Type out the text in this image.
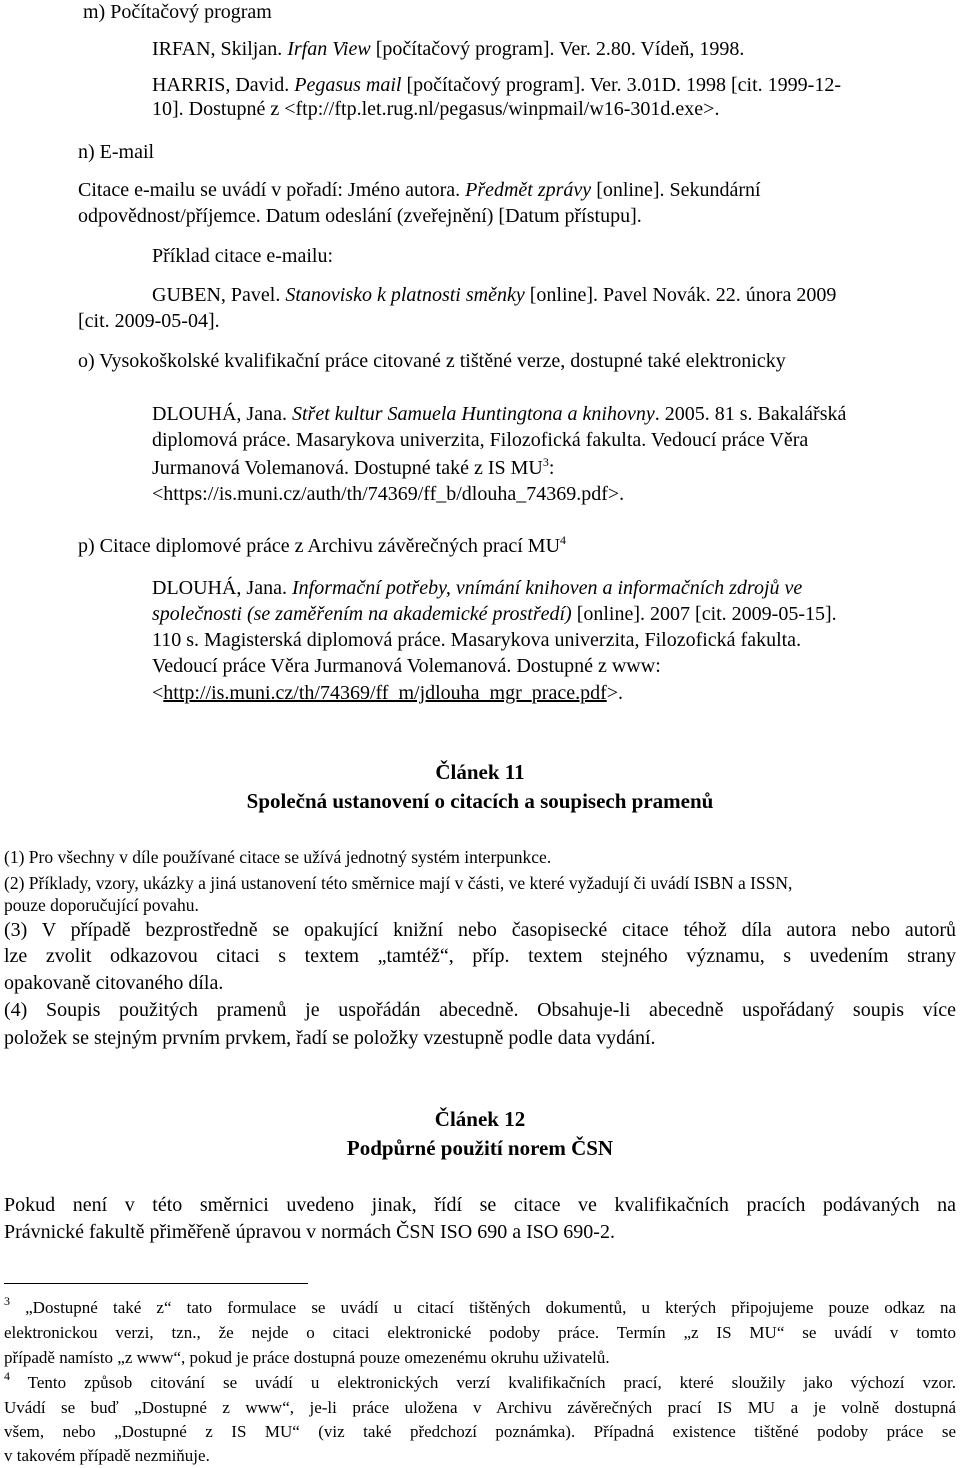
m) Počítačový program
IRFAN, Skiljan. Irfan View [počítačový program]. Ver. 2.80. Vídeň, 1998.
HARRIS, David. Pegasus mail [počítačový program]. Ver. 3.01D. 1998 [cit. 1999-12-
10]. Dostupné z <ftp://ftp.let.rug.nl/pegasus/winpmail/w16-301d.exe>.
n) E-mail
Citace e-mailu se uvádí v pořadí: Jméno autora. Předmět zprávy [online]. Sekundární
odpovědnost/příjemce. Datum odeslání (zveřejnění) [Datum přístupu].
Příklad citace e-mailu:
GUBEN, Pavel. Stanovisko k platnosti směnky [online]. Pavel Novák. 22. února 2009
[cit. 2009-05-04].
o) Vysokoškolské kvalifikační práce citované z tištěné verze, dostupné také elektronicky
DLOUHÁ, Jana. Střet kultur Samuela Huntingtona a knihovny. 2005. 81 s. Bakalářská
diplomová práce. Masarykova univerzita, Filozofická fakulta. Vedoucí práce Věra
Jurmanová Volemanová. Dostupné také z IS $MU^3$:
<https://is.muni.cz/auth/th/74369/ff_b/dlouha_74369.pdf>.
p) Citace diplomové práce z Archivu závěrečných prací $MU^4$
DLOUHÁ, Jana. Informační potřeby, vnímání knihoven a informačních zdrojů ve
společnosti (se zaměřením na akademické prostředí) [online]. 2007 [cit. 2009-05-15].
110 s. Magisterská diplomová práce. Masarykova univerzita, Filozofická fakulta.
Vedoucí práce Věra Jurmanová Volemanová. Dostupné z www:
<http://is.muni.cz/th/74369/ff_m/jdlouha_mgr_prace.pdf>.
Článek 11
Společná ustanovení o citacích a soupisech pramenů
(1) Pro všechny v díle používané citace se užívá jednotný systém interpunkce.
(2) Příklady, vzory, ukázky a jiná ustanovení této směrnice mají v části, ve které vyžadují či uvádí ISBN a ISSN,
pouze doporučující povahu.
(3) V případě bezprostředně se opakující knižní nebo časopisecké citace téhož díla autora nebo autorů
lze zvolit odkazovou citaci s textem „tamtéž“, příp. textem stejného významu, s uvedením strany
opakovaně citovaného díla.
(4) Soupis použitých pramenů je uspořádán abecedně. Obsahuje-li abecedně uspořádaný soupis více
položek se stejným prvním prvkem, řadí se položky vzestupně podle data vydání.
Článek 12
Podpůrné použití norem ČSN
Pokud není v této směrnici uvedeno jinak, řídí se citace ve kvalifikačních pracích podávaných na
Právnické fakultě přiměřeně úpravou v normách ČSN ISO 690 a ISO 690-2.
$^3$ „Dostupné také z“ tato formulace se uvádí u citací tištěných dokumentů, u kterých připojujeme pouze odkaz na
elektronickou verzi, tzn., že nejde o citaci elektronické podoby práce. Termín „z IS MU“ se uvádí v tomto
případě namísto „z www“, pokud je práce dostupná pouze omezenému okruhu uživatelů.
$^4$ Tento způsob citování se uvádí u elektronických verzí kvalifikačních prací, které sloužily jako výchozí vzor.
Uvádí se buď „Dostupné z www“, je-li práce uložena v Archivu závěrečných prací IS MU a je volně dostupná
všem, nebo „Dostupné z IS MU“ (viz také předchozí poznámka). Případná existence tištěné podoby práce se
v takovém případě nezmiňuje.
